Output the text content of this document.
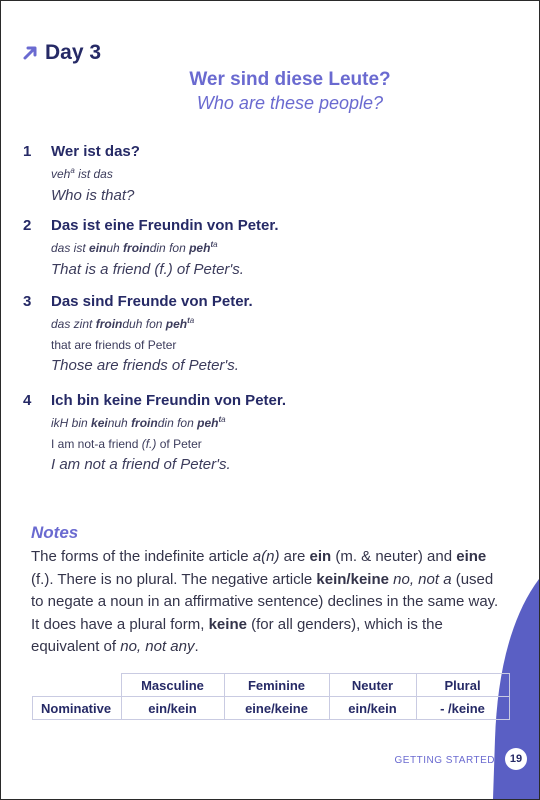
Day 3
Wer sind diese Leute?
Who are these people?
1	Wer ist das?
veh$^a$ ist das
Who is that?
2	Das ist eine Freundin von Peter.
das ist einuh froindin fon peh$^{ta}$
That is a friend (f.) of Peter's.
3	Das sind Freunde von Peter.
das zint froinduh fon peh$^{ta}$
that are friends of Peter
Those are friends of Peter's.
4	Ich bin keine Freundin von Peter.
ikH bin keinuh froindin fon peh$^{ta}$
I am not-a friend (f.) of Peter
I am not a friend of Peter's.
Notes
The forms of the indefinite article a(n) are ein (m. & neuter) and eine (f.). There is no plural. The negative article kein/keine no, not a (used to negate a noun in an affirmative sentence) declines in the same way. It does have a plural form, keine (for all genders), which is the equivalent of no, not any.
	Masculine	Feminine	Neuter	Plural
Nominative	ein/kein	eine/keine	ein/kein	- /keine
GETTING STARTED	19
